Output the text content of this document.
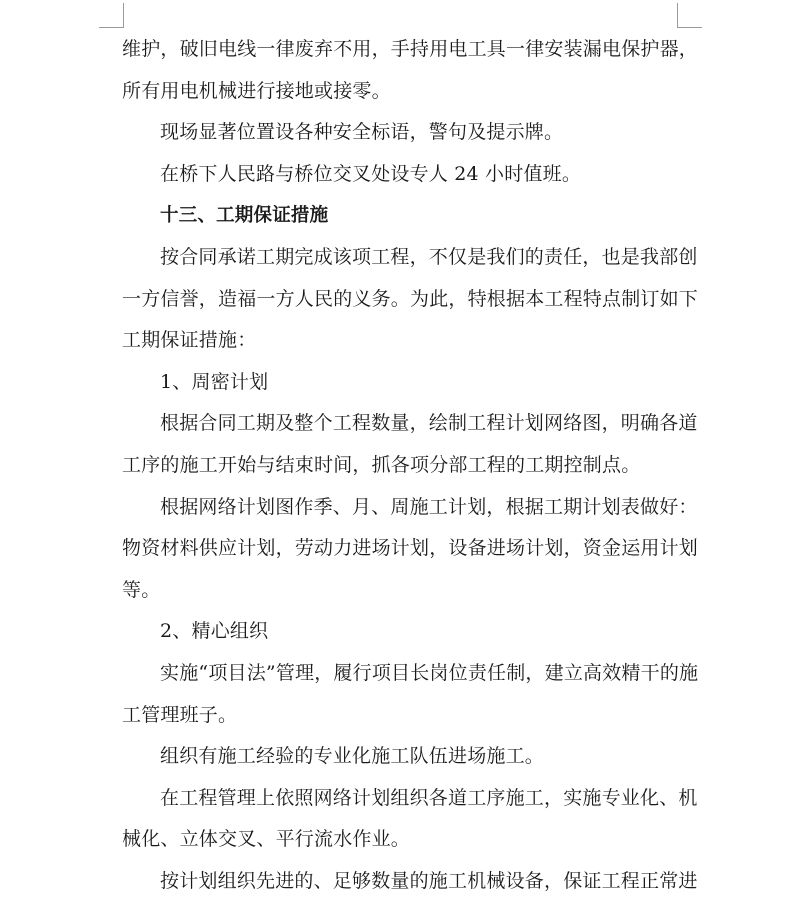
维护，破旧电线一律废弃不用，手持用电工具一律安装漏电保护器，
所有用电机械进行接地或接零。
现场显著位置设各种安全标语，警句及提示牌。
在桥下人民路与桥位交叉处设专人 24 小时值班。
十三、工期保证措施
按合同承诺工期完成该项工程，不仅是我们的责任，也是我部创
一方信誉，造福一方人民的义务。为此，特根据本工程特点制订如下
工期保证措施：
1、周密计划
根据合同工期及整个工程数量，绘制工程计划网络图，明确各道
工序的施工开始与结束时间，抓各项分部工程的工期控制点。
根据网络计划图作季、月、周施工计划，根据工期计划表做好：
物资材料供应计划，劳动力进场计划，设备进场计划，资金运用计划
等。
2、精心组织
实施“项目法”管理，履行项目长岗位责任制，建立高效精干的施
工管理班子。
组织有施工经验的专业化施工队伍进场施工。
在工程管理上依照网络计划组织各道工序施工，实施专业化、机
械化、立体交叉、平行流水作业。
按计划组织先进的、足够数量的施工机械设备，保证工程正常进
